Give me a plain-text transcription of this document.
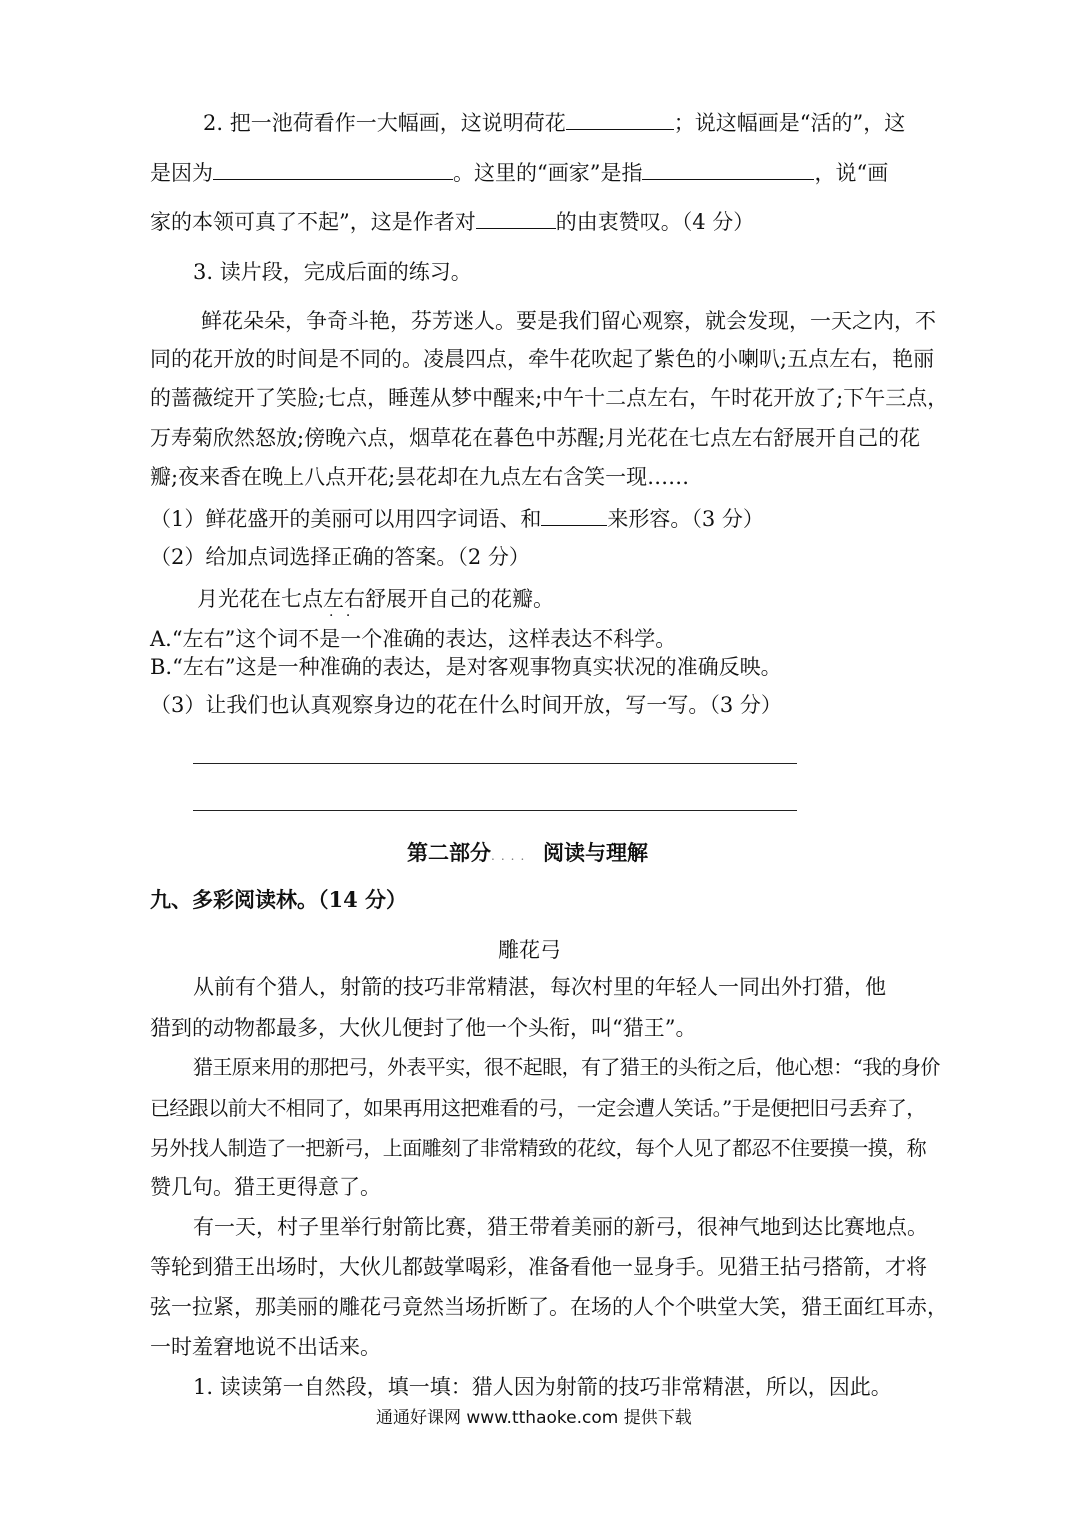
2. 把一池荷看作一大幅画，这说明荷花	；说这幅画是“活的”，这
是因为	。这里的“画家”是指	，说“画
家的本领可真了不起”，这是作者对	的由衷赞叹。（4 分）
3. 读片段，完成后面的练习。
鲜花朵朵，争奇斗艳，芬芳迷人。要是我们留心观察，就会发现，一天之内，不
同的花开放的时间是不同的。凌晨四点，牵牛花吹起了紫色的小喇叭;五点左右，艳丽
的蔷薇绽开了笑脸;七点，睡莲从梦中醒来;中午十二点左右，午时花开放了;下午三点，
万寿菊欣然怒放;傍晚六点，烟草花在暮色中苏醒;月光花在七点左右舒展开自己的花
瓣;夜来香在晚上八点开花;昙花却在九点左右含笑一现……
（1）鲜花盛开的美丽可以用四字词语、和	来形容。（3 分）
（2）给加点词选择正确的答案。（2 分）
月光花在七点左右 · ·舒展开自己的花瓣。
A.“左右”这个词不是一个准确的表达，这样表达不科学。
B.“左右”这是一种准确的表达，是对客观事物真实状况的准确反映。
（3）让我们也认真观察身边的花在什么时间开放，写一写。（3 分）
第二部分.... 阅读与理解
九、多彩阅读林。（14 分）
雕花弓
从前有个猎人，射箭的技巧非常精湛，每次村里的年轻人一同出外打猎，他
猎到的动物都最多，大伙儿便封了他一个头衔，叫“猎王”。
猎王原来用的那把弓，外表平实，很不起眼，有了猎王的头衔之后，他心想：“我的身价
已经跟以前大不相同了，如果再用这把难看的弓，一定会遭人笑话。”于是便把旧弓丢弃了，
另外找人制造了一把新弓，上面雕刻了非常精致的花纹，每个人见了都忍不住要摸一摸，称
赞几句。猎王更得意了。
有一天，村子里举行射箭比赛，猎王带着美丽的新弓，很神气地到达比赛地点。
等轮到猎王出场时，大伙儿都鼓掌喝彩，准备看他一显身手。见猎王拈弓搭箭，才将
弦一拉紧，那美丽的雕花弓竟然当场折断了。在场的人个个哄堂大笑，猎王面红耳赤，
一时羞窘地说不出话来。
1. 读读第一自然段，填一填：猎人因为射箭的技巧非常精湛，所以，因此。
通通好课网 www.tthaoke.com 提供下载
